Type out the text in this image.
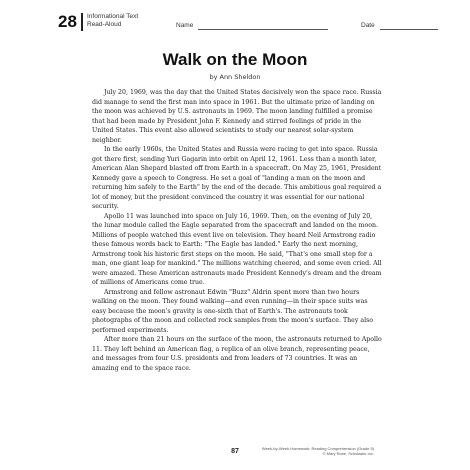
28 Informational Text
Read-Aloud	Name	Date
Walk on the Moon
by Ann Sheldon

July 20, 1969, was the day that the United States decisively won the space race. Russia did manage to send the first man into space in 1961. But the ultimate prize of landing on the moon was achieved by U.S. astronauts in 1969. The moon landing fulfilled a promise that had been made by President John F. Kennedy and stirred feelings of pride in the United States. This event also allowed scientists to study our nearest solar-system neighbor.

In the early 1960s, the United States and Russia were racing to get into space. Russia got there first, sending Yuri Gagarin into orbit on April 12, 1961. Less than a month later, American Alan Shepard blasted off from Earth in a spacecraft. On May 25, 1961, President Kennedy gave a speech to Congress. He set a goal of "landing a man on the moon and returning him safely to the Earth" by the end of the decade. This ambitious goal required a lot of money, but the president convinced the country it was essential for our national security.

Apollo 11 was launched into space on July 16, 1969. Then, on the evening of July 20, the lunar module called the Eagle separated from the spacecraft and landed on the moon. Millions of people watched this event live on television. They heard Neil Armstrong radio these famous words back to Earth: "The Eagle has landed." Early the next morning, Armstrong took his historic first steps on the moon. He said, "That's one small step for a man, one giant leap for mankind." The millions watching cheered, and some even cried. All were amazed. These American astronauts made President Kennedy's dream and the dream of millions of Americans come true.

Armstrong and fellow astronaut Edwin "Buzz" Aldrin spent more than two hours walking on the moon. They found walking—and even running—in their space suits was easy because the moon's gravity is one-sixth that of Earth's. The astronauts took photographs of the moon and collected rock samples from the moon's surface. They also performed experiments.

After more than 21 hours on the surface of the moon, the astronauts returned to Apollo 11. They left behind an American flag, a replica of an olive branch, representing peace, and messages from four U.S. presidents and from leaders of 73 countries. It was an amazing end to the space race.

87	Week-by-Week Homework: Reading Comprehension (Grade 5)
© Mary Rose, Scholastic Inc.
